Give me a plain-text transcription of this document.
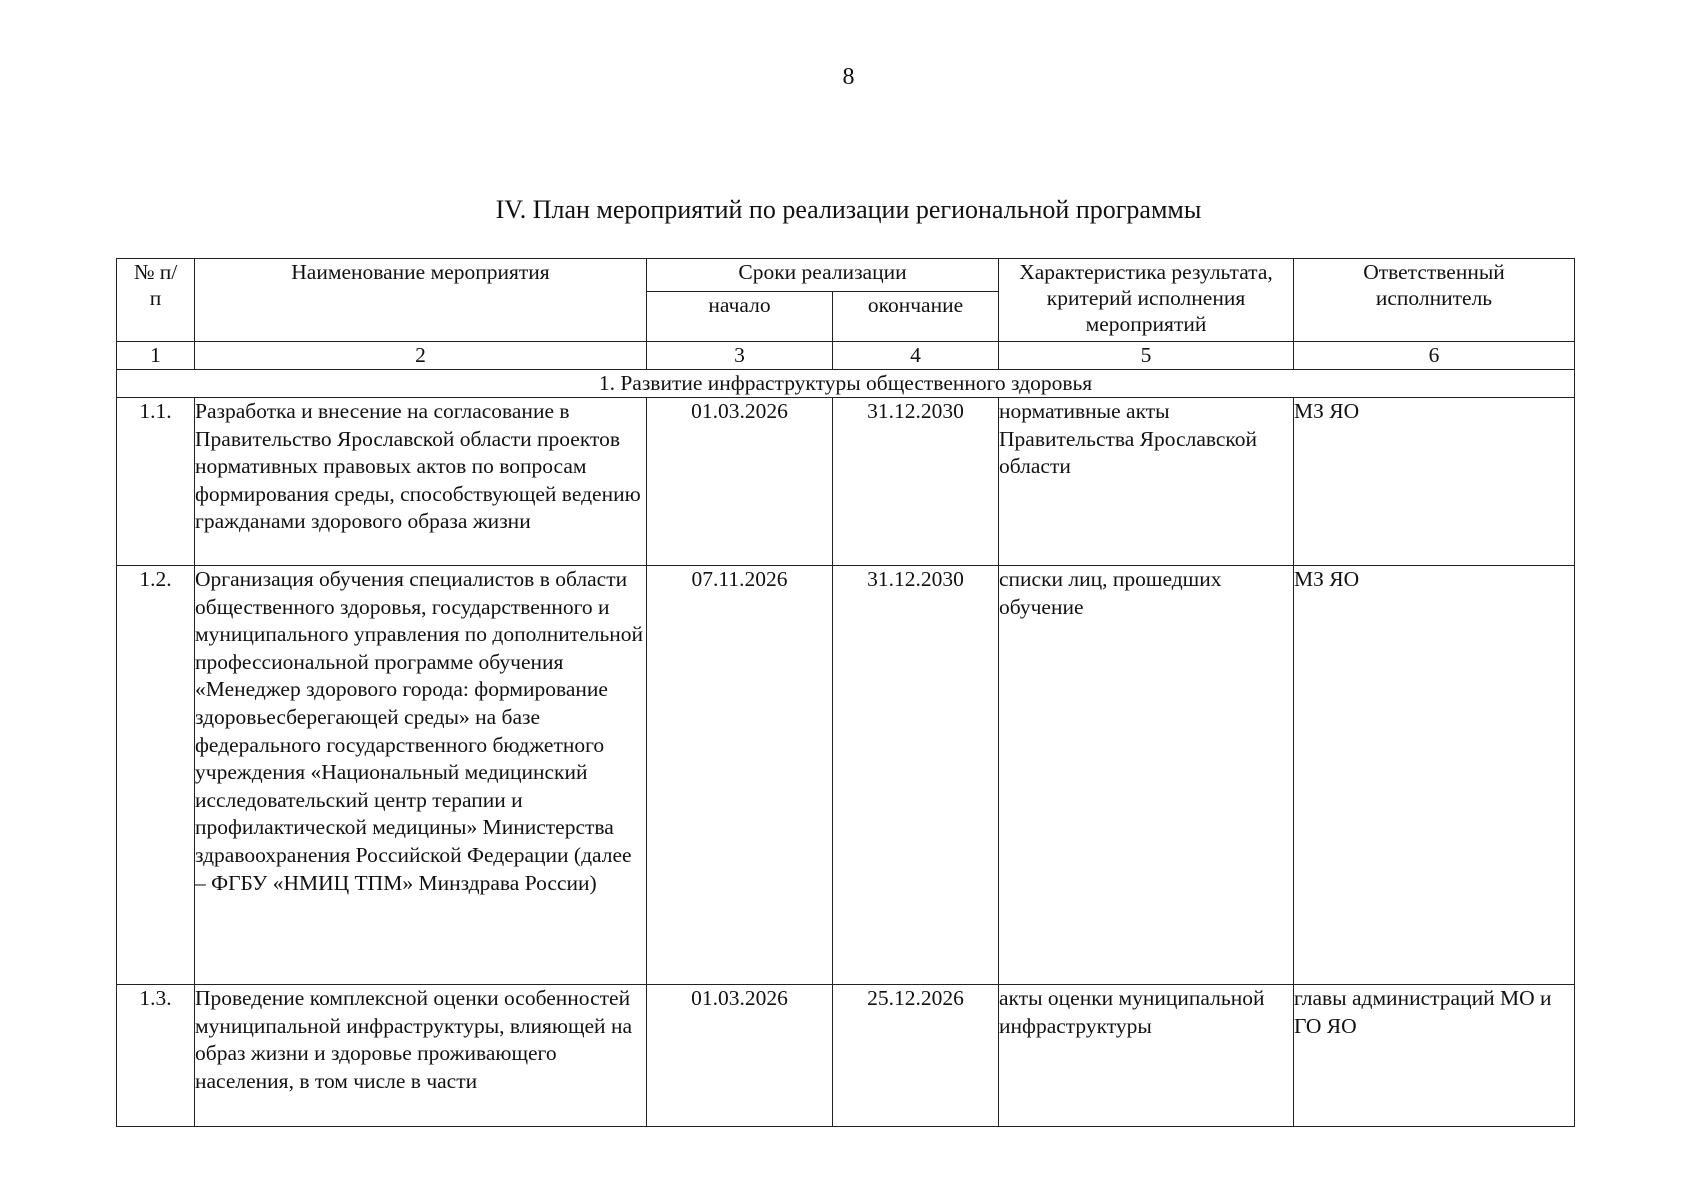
8
IV. План мероприятий по реализации региональной программы
№ п/п	Наименование мероприятия	Сроки реализации		Характеристика результата, критерий исполнения мероприятий	Ответственный исполнитель
		начало	окончание		
1	2	3	4	5	6
1. Развитие инфраструктуры общественного здоровья					
1.1.	Разработка и внесение на согласование в Правительство Ярославской области проектов нормативных правовых актов по вопросам формирования среды, способствующей ведению гражданами здорового образа жизни	01.03.2026	31.12.2030	нормативные акты Правительства Ярославской области	МЗ ЯО
1.2.	Организация обучения специалистов в области общественного здоровья, государственного и муниципального управления по дополнительной профессиональной программе обучения «Менеджер здорового города: формирование здоровьесберегающей среды» на базе федерального государственного бюджетного учреждения «Национальный медицинский исследовательский центр терапии и профилактической медицины» Министерства здравоохранения Российской Федерации (далее – ФГБУ «НМИЦ ТПМ» Минздрава России)	07.11.2026	31.12.2030	списки лиц, прошедших обучение	МЗ ЯО
1.3.	Проведение комплексной оценки особенностей муниципальной инфраструктуры, влияющей на образ жизни и здоровье проживающего населения, в том числе в части	01.03.2026	25.12.2026	акты оценки муниципальной инфраструктуры	главы администраций МО и ГО ЯО
